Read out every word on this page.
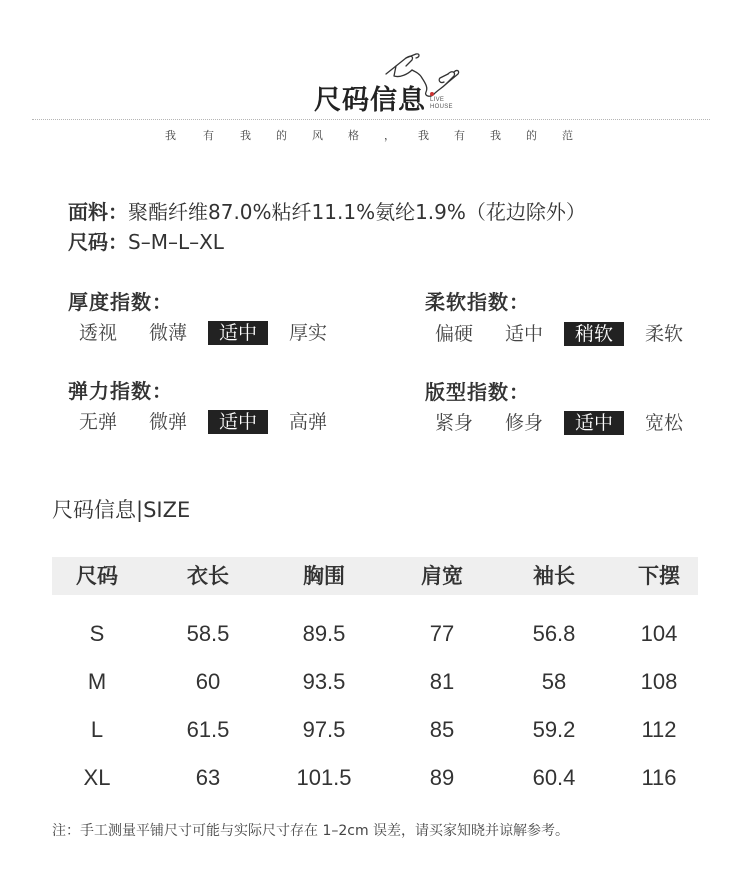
尺码信息 LIVE
HOUSE
我 有 我 的 风 格 ， 我 有 我 的 范
面料：聚酯纤维87.0%粘纤11.1%氨纶1.9%（花边除外）
尺码：S–M–L–XL
厚度指数：
透视	微薄	适中	厚实
柔软指数：
偏硬	适中	稍软	柔软
弹力指数：
无弹	微弹	适中	高弹
版型指数：
紧身	修身	适中	宽松
尺码信息|SIZE
尺码	衣长	胸围	肩宽	袖长	下摆
S	58.5	89.5	77	56.8	104
M	60	93.5	81	58	108
L	61.5	97.5	85	59.2	112
XL	63	101.5	89	60.4	116
注：手工测量平铺尺寸可能与实际尺寸存在 1–2cm 误差，请买家知晓并谅解参考。
